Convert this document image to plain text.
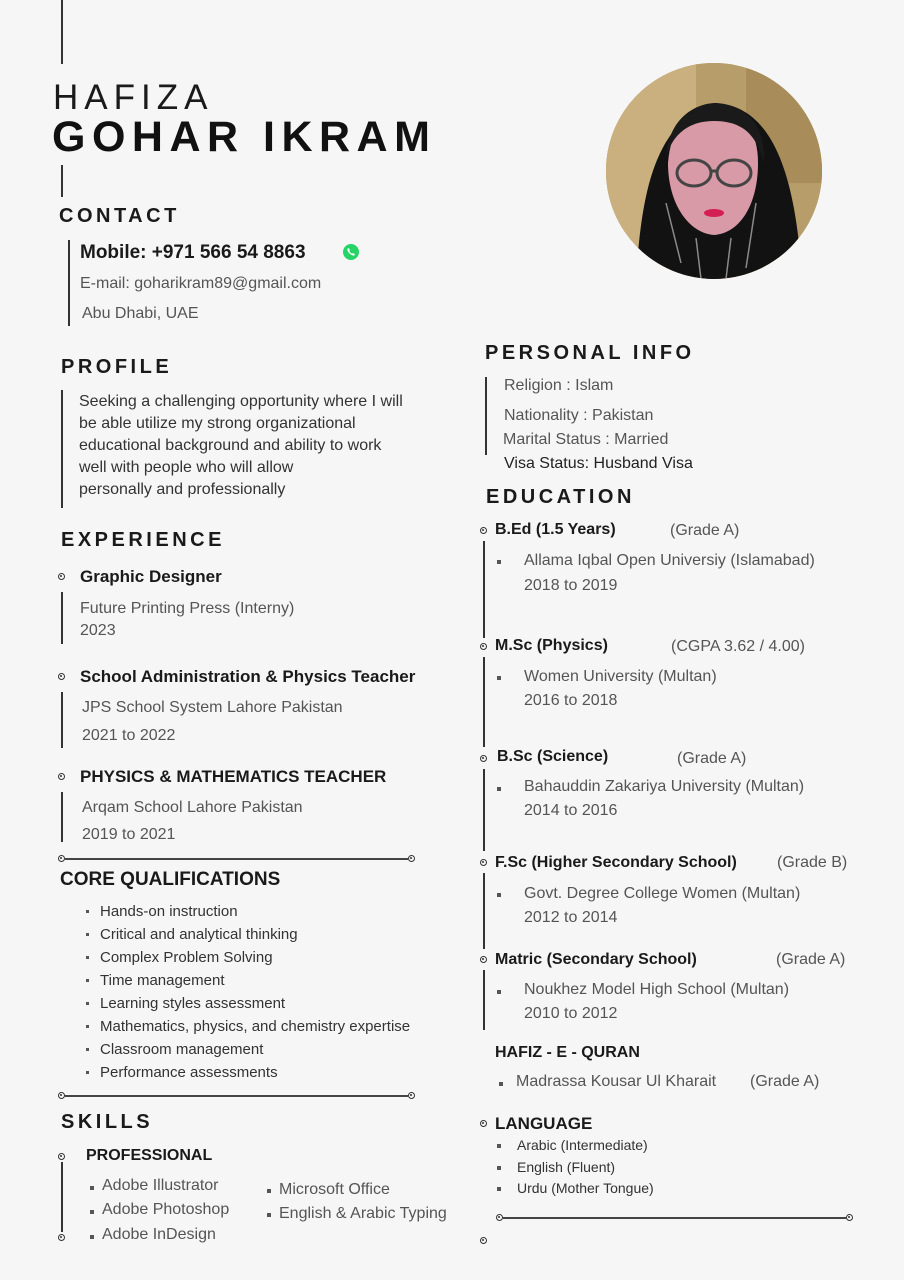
HAFIZA
GOHAR IKRAM
CONTACT
Mobile: +971 566 54 8863
E-mail: goharikram89@gmail.com
Abu Dhabi, UAE
PROFILE
Seeking a challenging opportunity where I will
be able utilize my strong organizational
educational background and ability to work
well with people who will allow
personally and professionally
EXPERIENCE
Graphic Designer
Future Printing Press (Interny)
2023
School Administration & Physics Teacher
JPS School System Lahore Pakistan
2021 to 2022
PHYSICS & MATHEMATICS TEACHER
Arqam School Lahore Pakistan
2019 to 2021
CORE QUALIFICATIONS
Hands-on instruction
Critical and analytical thinking
Complex Problem Solving
Time management
Learning styles assessment
Mathematics, physics, and chemistry expertise
Classroom management
Performance assessments
SKILLS
PROFESSIONAL
Adobe Illustrator
Adobe Photoshop
Adobe InDesign
Microsoft Office
English & Arabic Typing
PERSONAL INFO
Religion : Islam
Nationality : Pakistan
Marital Status : Married
Visa Status: Husband Visa
EDUCATION
B.Ed (1.5 Years)	(Grade A)
Allama Iqbal Open Universiy (Islamabad)
2018 to 2019
M.Sc (Physics)	(CGPA 3.62 / 4.00)
Women University (Multan)
2016 to 2018
B.Sc (Science)	(Grade A)
Bahauddin Zakariya University (Multan)
2014 to 2016
F.Sc (Higher Secondary School)	(Grade B)
Govt. Degree College Women (Multan)
2012 to 2014
Matric (Secondary School)	(Grade A)
Noukhez Model High School (Multan)
2010 to 2012
HAFIZ - E - QURAN
Madrassa Kousar Ul Kharait (Grade A)
LANGUAGE
Arabic (Intermediate)
English (Fluent)
Urdu (Mother Tongue)
